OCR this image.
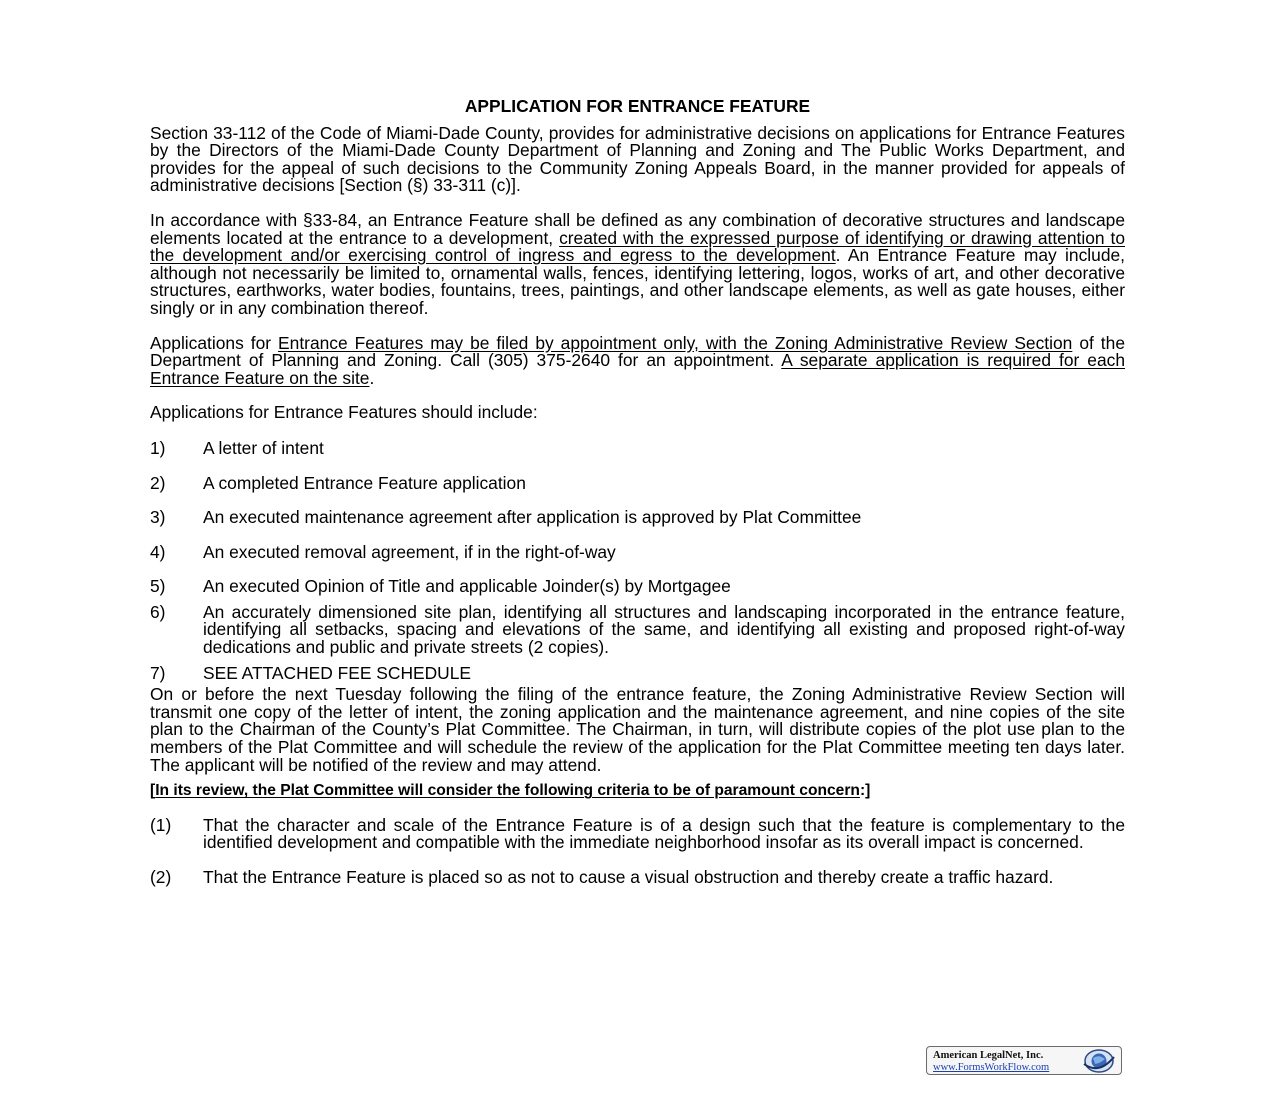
APPLICATION FOR ENTRANCE FEATURE

Section 33-112 of the Code of Miami-Dade County, provides for administrative decisions on applications for Entrance Features by the Directors of the Miami-Dade County Department of Planning and Zoning and The Public Works Department, and provides for the appeal of such decisions to the Community Zoning Appeals Board, in the manner provided for appeals of administrative decisions [Section (§) 33-311 (c)].

In accordance with §33-84, an Entrance Feature shall be defined as any combination of decorative structures and landscape elements located at the entrance to a development, created with the expressed purpose of identifying or drawing attention to the development and/or exercising control of ingress and egress to the development. An Entrance Feature may include, although not necessarily be limited to, ornamental walls, fences, identifying lettering, logos, works of art, and other decorative structures, earthworks, water bodies, fountains, trees, paintings, and other landscape elements, as well as gate houses, either singly or in any combination thereof.

Applications for Entrance Features may be filed by appointment only, with the Zoning Administrative Review Section of the Department of Planning and Zoning. Call (305) 375-2640 for an appointment. A separate application is required for each Entrance Feature on the site.

Applications for Entrance Features should include:

1) A letter of intent
2) A completed Entrance Feature application
3) An executed maintenance agreement after application is approved by Plat Committee
4) An executed removal agreement, if in the right-of-way
5) An executed Opinion of Title and applicable Joinder(s) by Mortgagee
6) An accurately dimensioned site plan, identifying all structures and landscaping incorporated in the entrance feature, identifying all setbacks, spacing and elevations of the same, and identifying all existing and proposed right-of-way dedications and public and private streets (2 copies).
7) SEE ATTACHED FEE SCHEDULE

On or before the next Tuesday following the filing of the entrance feature, the Zoning Administrative Review Section will transmit one copy of the letter of intent, the zoning application and the maintenance agreement, and nine copies of the site plan to the Chairman of the County’s Plat Committee. The Chairman, in turn, will distribute copies of the plot use plan to the members of the Plat Committee and will schedule the review of the application for the Plat Committee meeting ten days later. The applicant will be notified of the review and may attend.

[In its review, the Plat Committee will consider the following criteria to be of paramount concern:]
(1) That the character and scale of the Entrance Feature is of a design such that the feature is complementary to the identified development and compatible with the immediate neighborhood insofar as its overall impact is concerned.
(2) That the Entrance Feature is placed so as not to cause a visual obstruction and thereby create a traffic hazard.
American LegalNet, Inc.
www.FormsWorkFlow.com
